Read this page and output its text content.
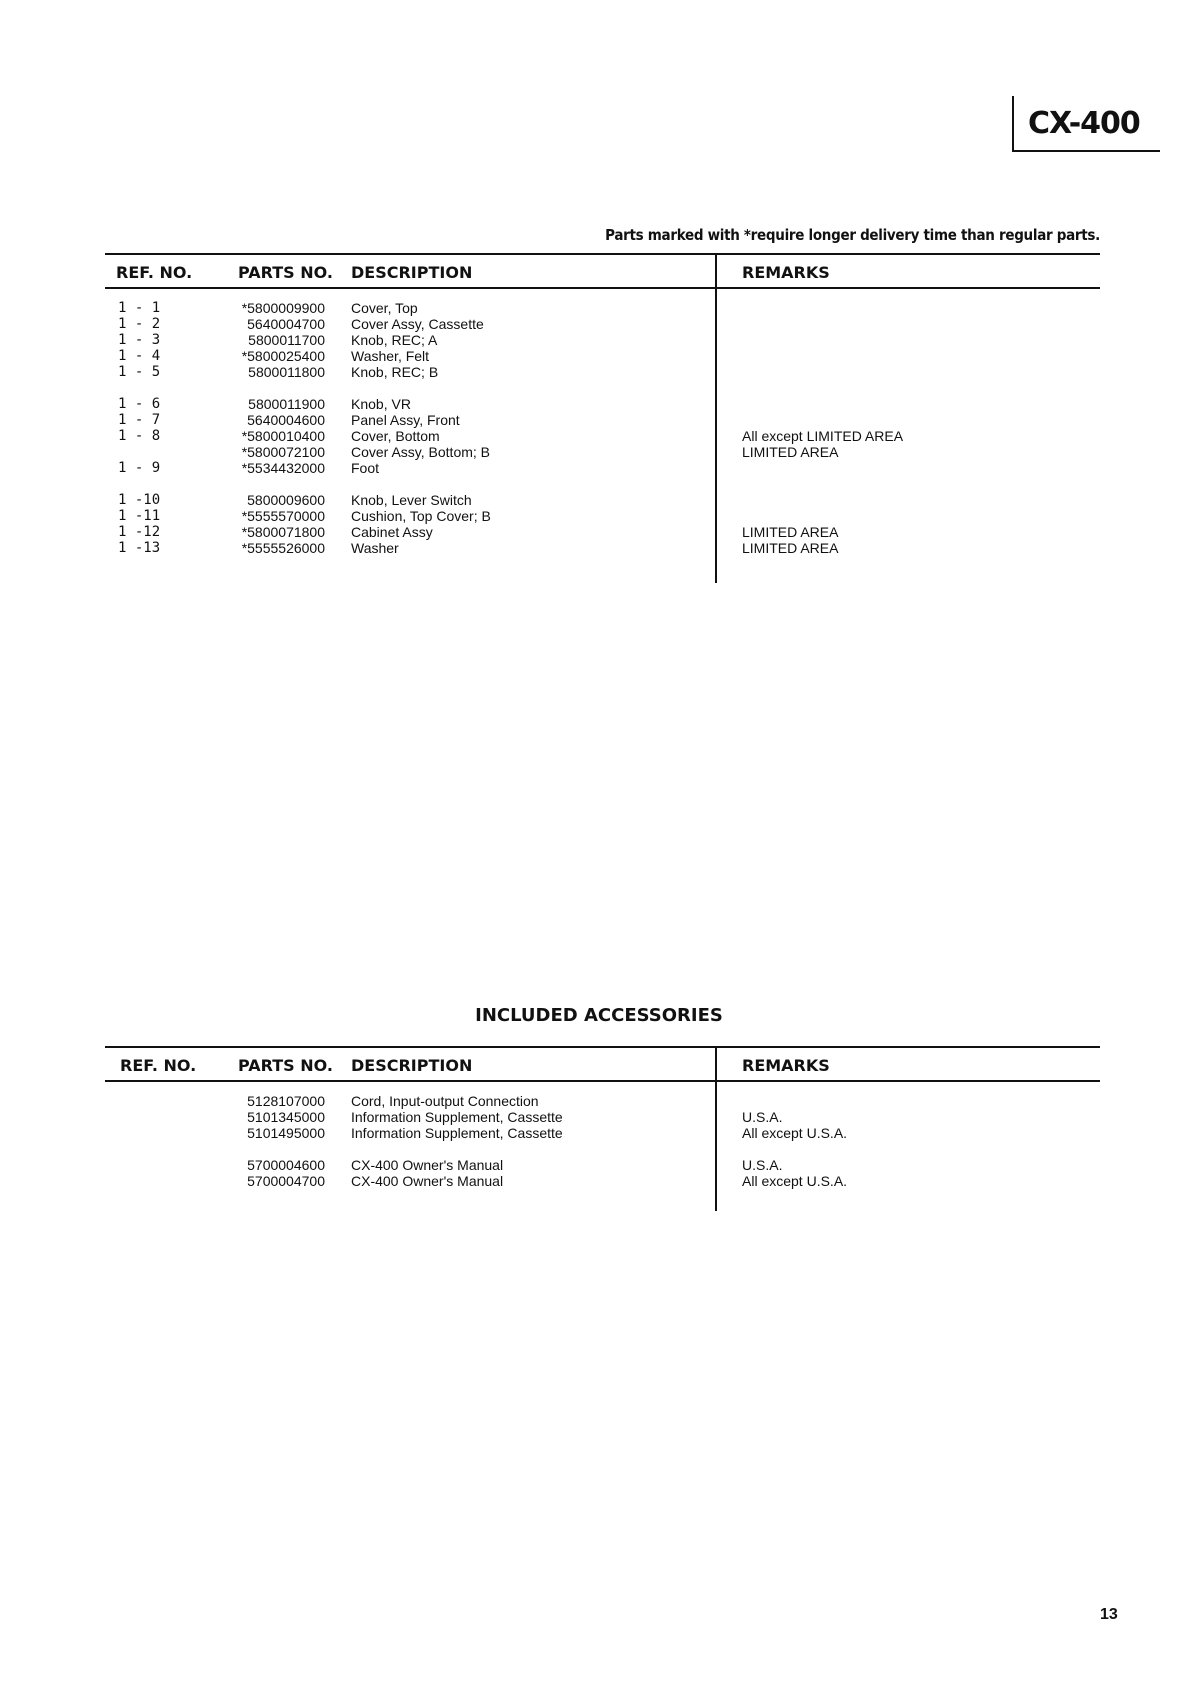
CX-400
Parts marked with *require longer delivery time than regular parts.
REF. NO.	PARTS NO. DESCRIPTION	REMARKS
1 - 1	*5800009900 Cover, Top
1 - 2	5640004700 Cover Assy, Cassette
1 - 3	5800011700 Knob, REC; A
1 - 4	*5800025400 Washer, Felt
1 - 5	5800011800 Knob, REC; B
1 - 6	5800011900 Knob, VR
1 - 7	5640004600 Panel Assy, Front
1 - 8	*5800010400 Cover, Bottom	All except LIMITED AREA
*5800072100 Cover Assy, Bottom; B	LIMITED AREA
1 - 9	*5534432000 Foot
1 -10	5800009600 Knob, Lever Switch
1 -11	*5555570000 Cushion, Top Cover; B
1 -12	*5800071800 Cabinet Assy	LIMITED AREA
1 -13	*5555526000 Washer	LIMITED AREA
INCLUDED ACCESSORIES
REF. NO.	PARTS NO. DESCRIPTION	REMARKS
5128107000 Cord, Input-output Connection
5101345000 Information Supplement, Cassette	U.S.A.
5101495000 Information Supplement, Cassette	All except U.S.A.
5700004600 CX-400 Owner's Manual	U.S.A.
5700004700 CX-400 Owner's Manual	All except U.S.A.
13
